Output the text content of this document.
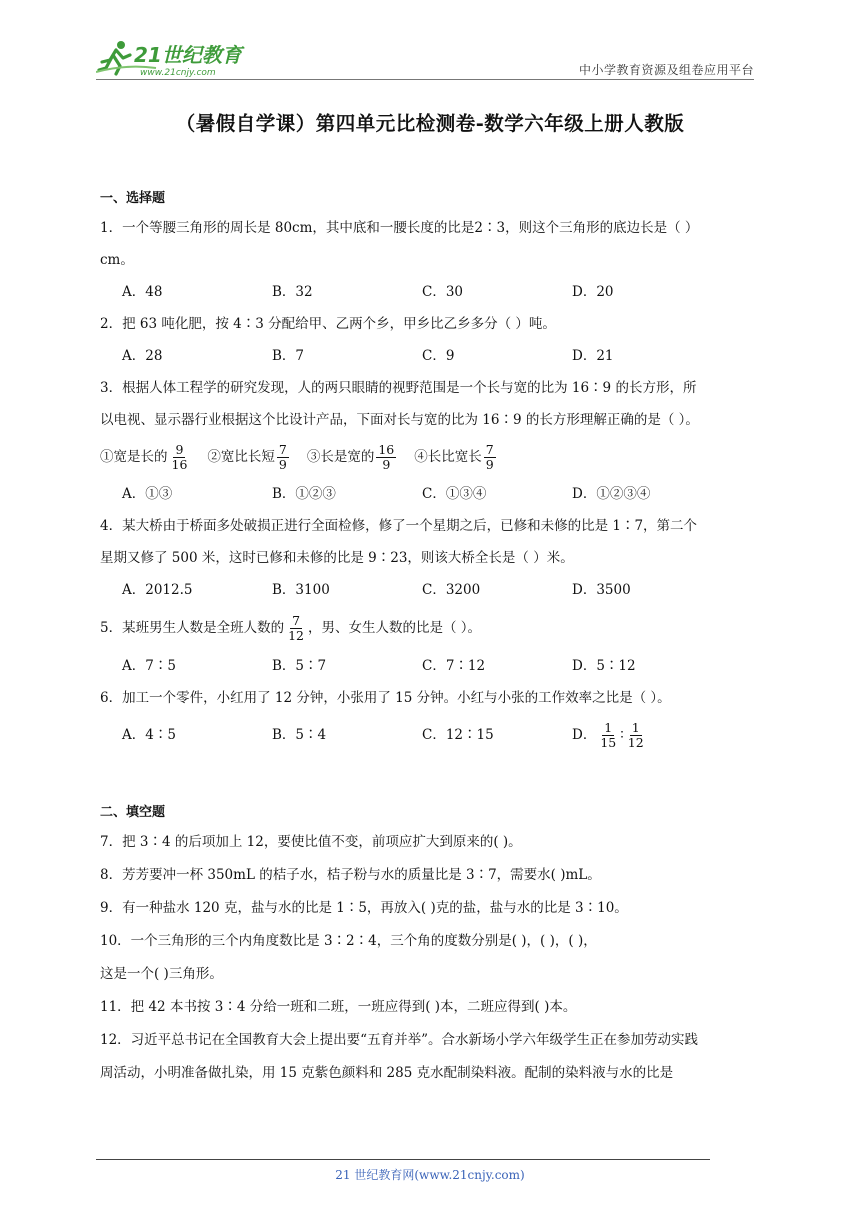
21世纪教育
www.21cnjy.com	中小学教育资源及组卷应用平台
（暑假自学课）第四单元比检测卷-数学六年级上册人教版
一、选择题
1．一个等腰三角形的周长是 80cm，其中底和一腰长度的比是2∶3，则这个三角形的底边长是（ ）
cm。
A．48	B．32	C．30	D．20
2．把 63 吨化肥，按 4∶3 分配给甲、乙两个乡，甲乡比乙乡多分（ ）吨。
A．28	B．7	C．9	D．21
3．根据人体工程学的研究发现，人的两只眼睛的视野范围是一个长与宽的比为 16∶9 的长方形，所
以电视、显示器行业根据这个比设计产品，下面对长与宽的比为 16∶9 的长方形理解正确的是（ ）。
①宽是长的 $\frac{9}{16}$ ②宽比长短 $\frac{7}{9}$ ③长是宽的 $\frac{16}{9}$ ④长比宽长 $\frac{7}{9}$
A．①③	B．①②③	C．①③④	D．①②③④
4．某大桥由于桥面多处破损正进行全面检修，修了一个星期之后，已修和未修的比是 1∶7，第二个
星期又修了 500 米，这时已修和未修的比是 9∶23，则该大桥全长是（ ）米。
A．2012.5	B．3100	C．3200	D．3500
5．某班男生人数是全班人数的 $\frac{7}{12}$ ，男、女生人数的比是（ ）。
A．7∶5	B．5∶7	C．7∶12	D．5∶12
6．加工一个零件，小红用了 12 分钟，小张用了 15 分钟。小红与小张的工作效率之比是（ ）。
A．4∶5	B．5∶4	C．12∶15	D． $\frac{1}{15}$ ∶ $\frac{1}{12}$
二、填空题
7．把 3∶4 的后项加上 12，要使比值不变，前项应扩大到原来的( )。
8．芳芳要冲一杯 350mL 的桔子水，桔子粉与水的质量比是 3∶7，需要水( )mL。
9．有一种盐水 120 克，盐与水的比是 1∶5，再放入( )克的盐，盐与水的比是 3∶10。
10．一个三角形的三个内角度数比是 3∶2∶4，三个角的度数分别是( )，( )，( )，
这是一个( )三角形。
11．把 42 本书按 3∶4 分给一班和二班，一班应得到( )本，二班应得到( )本。
12．习近平总书记在全国教育大会上提出要“五育并举”。合水新场小学六年级学生正在参加劳动实践
周活动，小明准备做扎染，用 15 克紫色颜料和 285 克水配制染料液。配制的染料液与水的比是
21 世纪教育网(www.21cnjy.com)
